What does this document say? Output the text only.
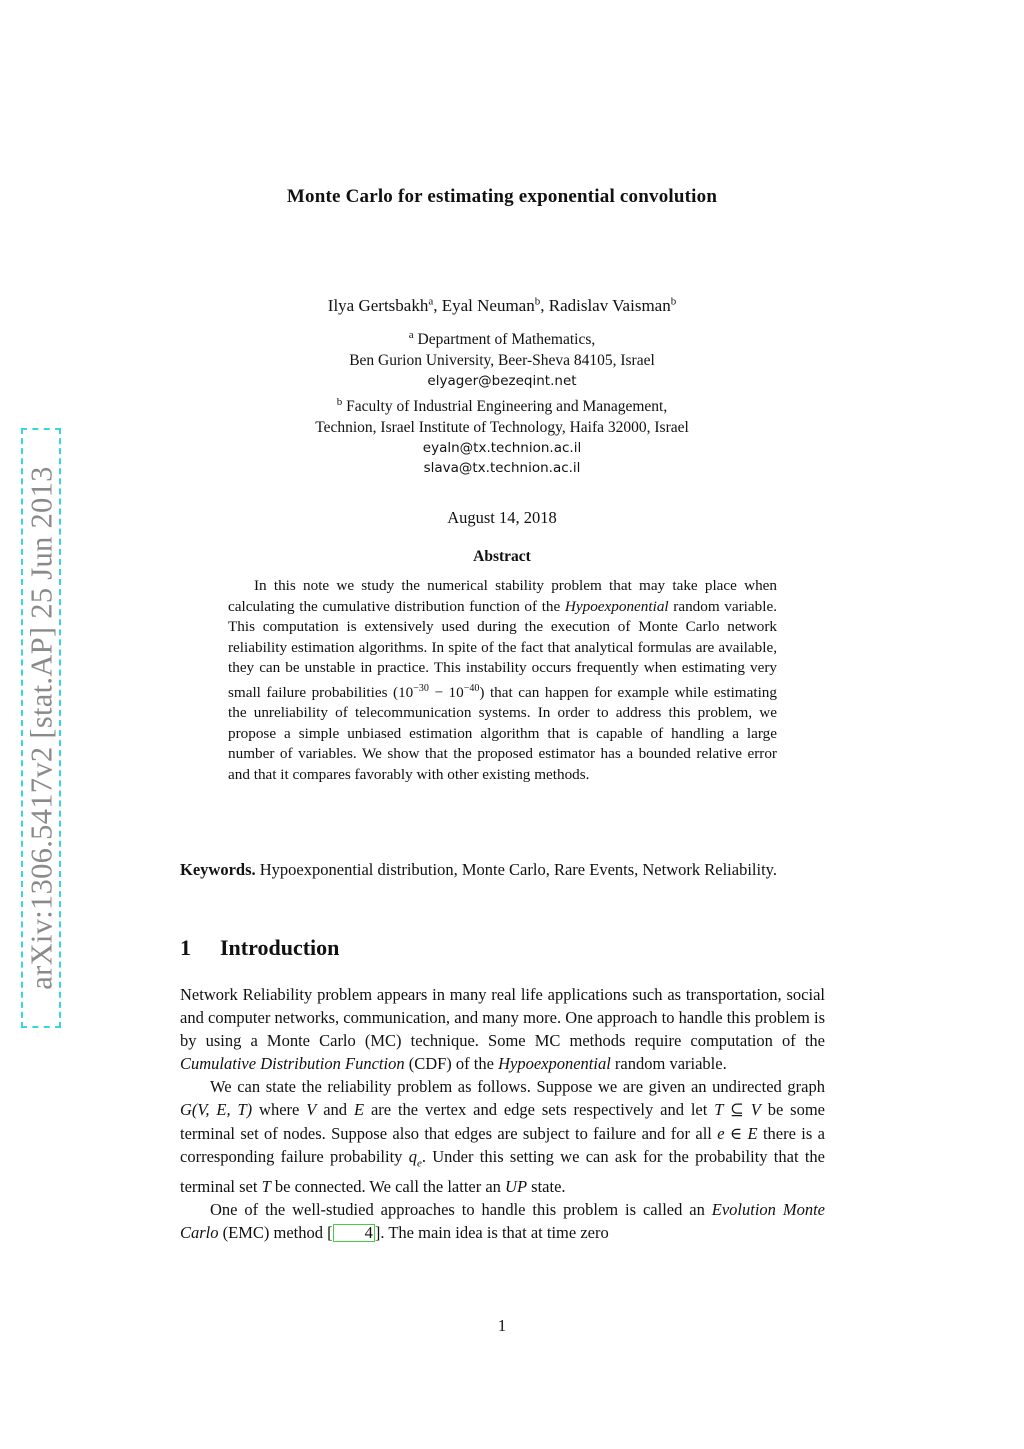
Monte Carlo for estimating exponential convolution
Ilya Gertsbakh$^a$, Eyal Neuman$^b$, Radislav Vaisman$^b$
$^a$ Department of Mathematics,
Ben Gurion University, Beer-Sheva 84105, Israel
elyager@bezeqint.net
$^b$ Faculty of Industrial Engineering and Management,
Technion, Israel Institute of Technology, Haifa 32000, Israel
eyaln@tx.technion.ac.il
slava@tx.technion.ac.il
August 14, 2018
Abstract
In this note we study the numerical stability problem that may take place when calculating the cumulative distribution function of the Hypoexponential random variable. This computation is extensively used during the execution of Monte Carlo network reliability estimation algorithms. In spite of the fact that analytical formulas are available, they can be unstable in practice. This instability occurs frequently when estimating very small failure probabilities $(10^{-30} - 10^{-40})$ that can happen for example while estimating the unreliability of telecommunication systems. In order to address this problem, we propose a simple unbiased estimation algorithm that is capable of handling a large number of variables. We show that the proposed estimator has a bounded relative error and that it compares favorably with other existing methods.
Keywords. Hypoexponential distribution, Monte Carlo, Rare Events, Network Reliability.
1 Introduction

Network Reliability problem appears in many real life applications such as transportation, social and computer networks, communication, and many more. One approach to handle this problem is by using a Monte Carlo (MC) technique. Some MC methods require computation of the Cumulative Distribution Function (CDF) of the Hypoexponential random variable.

We can state the reliability problem as follows. Suppose we are given an undirected graph G(V, E, T) where V and E are the vertex and edge sets respectively and let T ⊆ V be some terminal set of nodes. Suppose also that edges are subject to failure and for all e ∈ E there is a corresponding failure probability $q_e$. Under this setting we can ask for the probability that the terminal set T be connected. We call the latter an UP state.

One of the well-studied approaches to handle this problem is called an Evolution Monte Carlo (EMC) method [ 4 ]. The main idea is that at time zero

1
arXiv:1306.5417v2 [stat.AP] 25 Jun 2013
